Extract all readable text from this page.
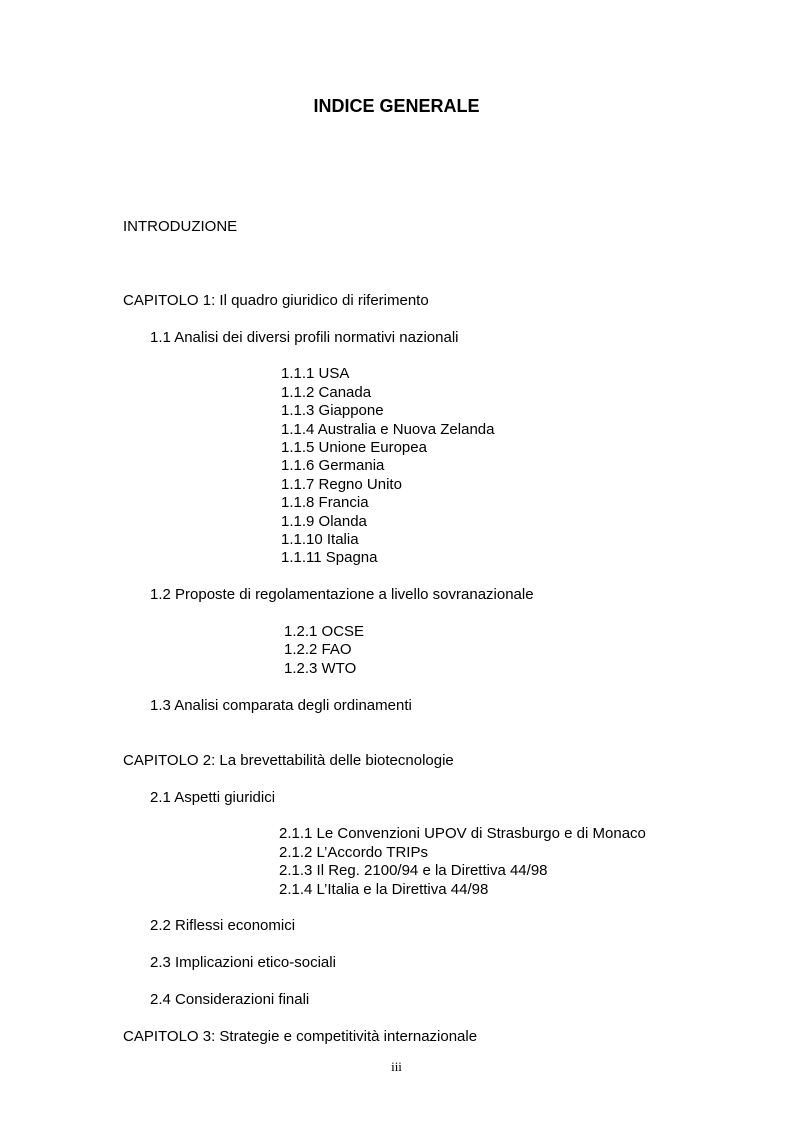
INDICE GENERALE
INTRODUZIONE
CAPITOLO 1: Il quadro giuridico di riferimento
1.1 Analisi dei diversi profili normativi nazionali
1.1.1 USA
1.1.2 Canada
1.1.3 Giappone
1.1.4 Australia e Nuova Zelanda
1.1.5 Unione Europea
1.1.6 Germania
1.1.7 Regno Unito
1.1.8 Francia
1.1.9 Olanda
1.1.10 Italia
1.1.11 Spagna
1.2 Proposte di regolamentazione a livello sovranazionale
1.2.1 OCSE
1.2.2 FAO
1.2.3 WTO
1.3 Analisi comparata degli ordinamenti
CAPITOLO 2: La brevettabilità delle biotecnologie
2.1 Aspetti giuridici
2.1.1 Le Convenzioni UPOV di Strasburgo e di Monaco
2.1.2 L’Accordo TRIPs
2.1.3 Il Reg. 2100/94 e la Direttiva 44/98
2.1.4 L’Italia e la Direttiva 44/98
2.2 Riflessi economici
2.3 Implicazioni etico-sociali
2.4 Considerazioni finali
CAPITOLO 3: Strategie e competitività internazionale
iii
